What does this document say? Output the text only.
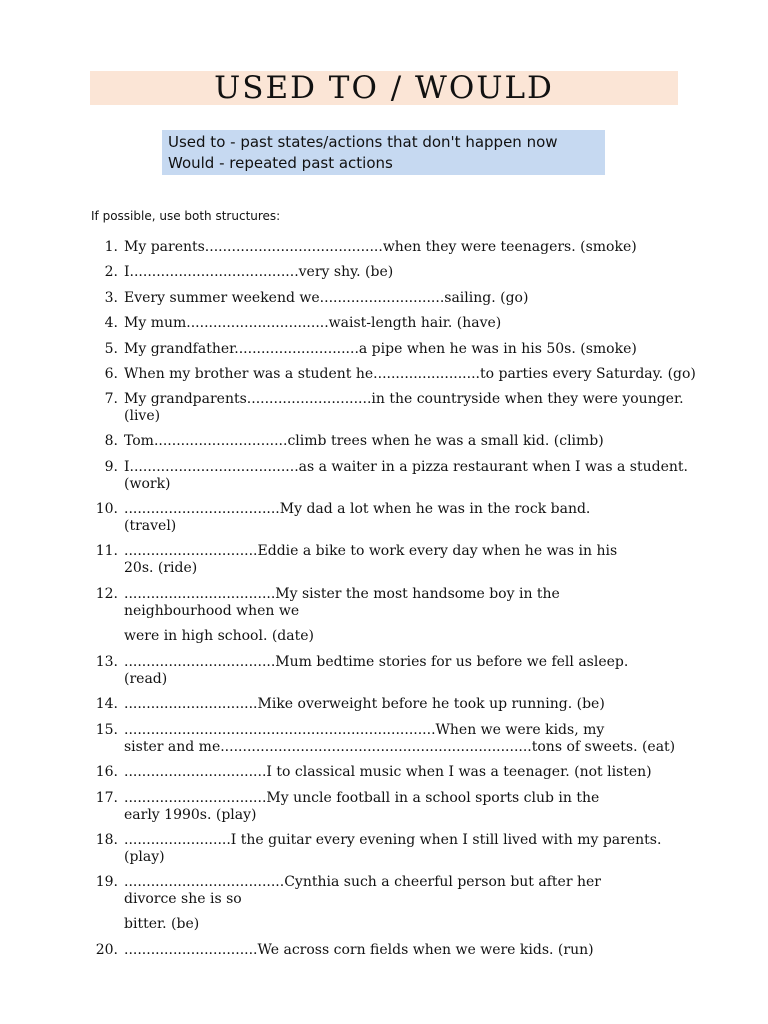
USED TO / WOULD
Used to - past states/actions that don't happen now
Would - repeated past actions
If possible, use both structures:
1. My parents........................................when they were teenagers. (smoke)
2. I......................................very shy. (be)
3. Every summer weekend we............................sailing. (go)
4. My mum................................waist-length hair. (have)
5. My grandfather............................a pipe when he was in his 50s. (smoke)
6. When my brother was a student he........................to parties every Saturday. (go)
7. My grandparents............................in the countryside when they were younger.
(live)
8. Tom..............................climb trees when he was a small kid. (climb)
9. I......................................as a waiter in a pizza restaurant when I was a student.
(work)
10. ...................................My dad a lot when he was in the rock band.
(travel)
11. ..............................Eddie a bike to work every day when he was in his
20s. (ride)
12. ..................................My sister the most handsome boy in the
neighbourhood when we
were in high school. (date)
13. ..................................Mum bedtime stories for us before we fell asleep.
(read)
14. ..............................Mike overweight before he took up running. (be)
15. ......................................................................When we were kids, my
sister and me......................................................................tons of sweets. (eat)
16. ................................I to classical music when I was a teenager. (not listen)
17. ................................My uncle football in a school sports club in the
early 1990s. (play)
18. ........................I the guitar every evening when I still lived with my parents.
(play)
19. ....................................Cynthia such a cheerful person but after her
divorce she is so
bitter. (be)
20. ..............................We across corn fields when we were kids. (run)
